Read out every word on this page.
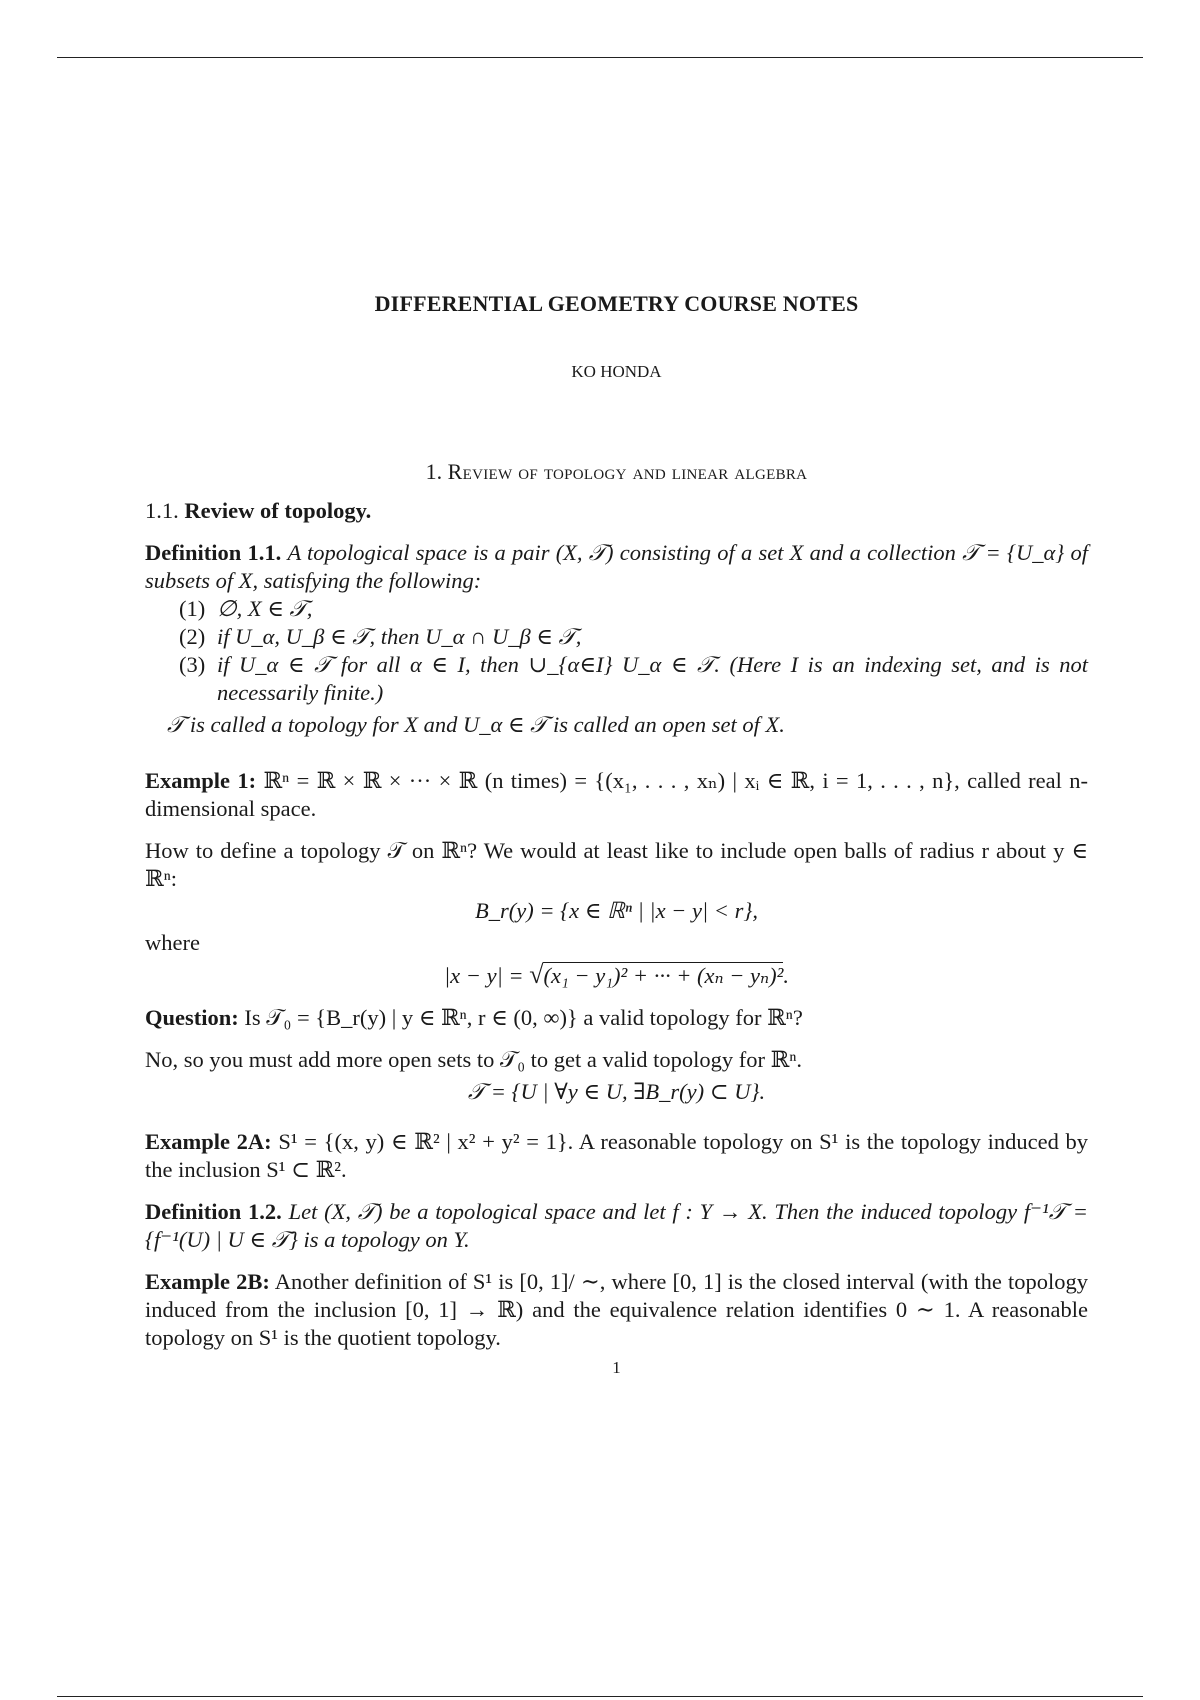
DIFFERENTIAL GEOMETRY COURSE NOTES
KO HONDA
1. Review of topology and linear algebra

1.1. Review of topology.

Definition 1.1. A topological space is a pair (X, 𝒯) consisting of a set X and a collection 𝒯 = {U_α} of subsets of X, satisfying the following:

(1) ∅, X ∈ 𝒯,
(2) if U_α, U_β ∈ 𝒯, then U_α ∩ U_β ∈ 𝒯,
(3) if U_α ∈ 𝒯 for all α ∈ I, then ∪_{α∈I} U_α ∈ 𝒯. (Here I is an indexing set, and is not necessarily finite.)

𝒯 is called a topology for X and U_α ∈ 𝒯 is called an open set of X.

Example 1: ℝⁿ = ℝ × ℝ × ··· × ℝ (n times) = {(x₁, . . . , xₙ) | xᵢ ∈ ℝ, i = 1, . . . , n}, called real n-dimensional space.

How to define a topology 𝒯 on ℝⁿ? We would at least like to include open balls of radius r about y ∈ ℝⁿ:

B_r(y) = {x ∈ ℝⁿ | |x − y| < r},

where

|x − y| = √(x₁ − y₁)² + ··· + (xₙ − yₙ)².

Question: Is 𝒯₀ = {B_r(y) | y ∈ ℝⁿ, r ∈ (0, ∞)} a valid topology for ℝⁿ?

No, so you must add more open sets to 𝒯₀ to get a valid topology for ℝⁿ.

𝒯 = {U | ∀y ∈ U, ∃B_r(y) ⊂ U}.

Example 2A: S¹ = {(x, y) ∈ ℝ² | x² + y² = 1}. A reasonable topology on S¹ is the topology induced by the inclusion S¹ ⊂ ℝ².

Definition 1.2. Let (X, 𝒯) be a topological space and let f : Y → X. Then the induced topology f⁻¹𝒯 = {f⁻¹(U) | U ∈ 𝒯} is a topology on Y.

Example 2B: Another definition of S¹ is [0, 1]/ ∼, where [0, 1] is the closed interval (with the topology induced from the inclusion [0, 1] → ℝ) and the equivalence relation identifies 0 ∼ 1. A reasonable topology on S¹ is the quotient topology.

1
